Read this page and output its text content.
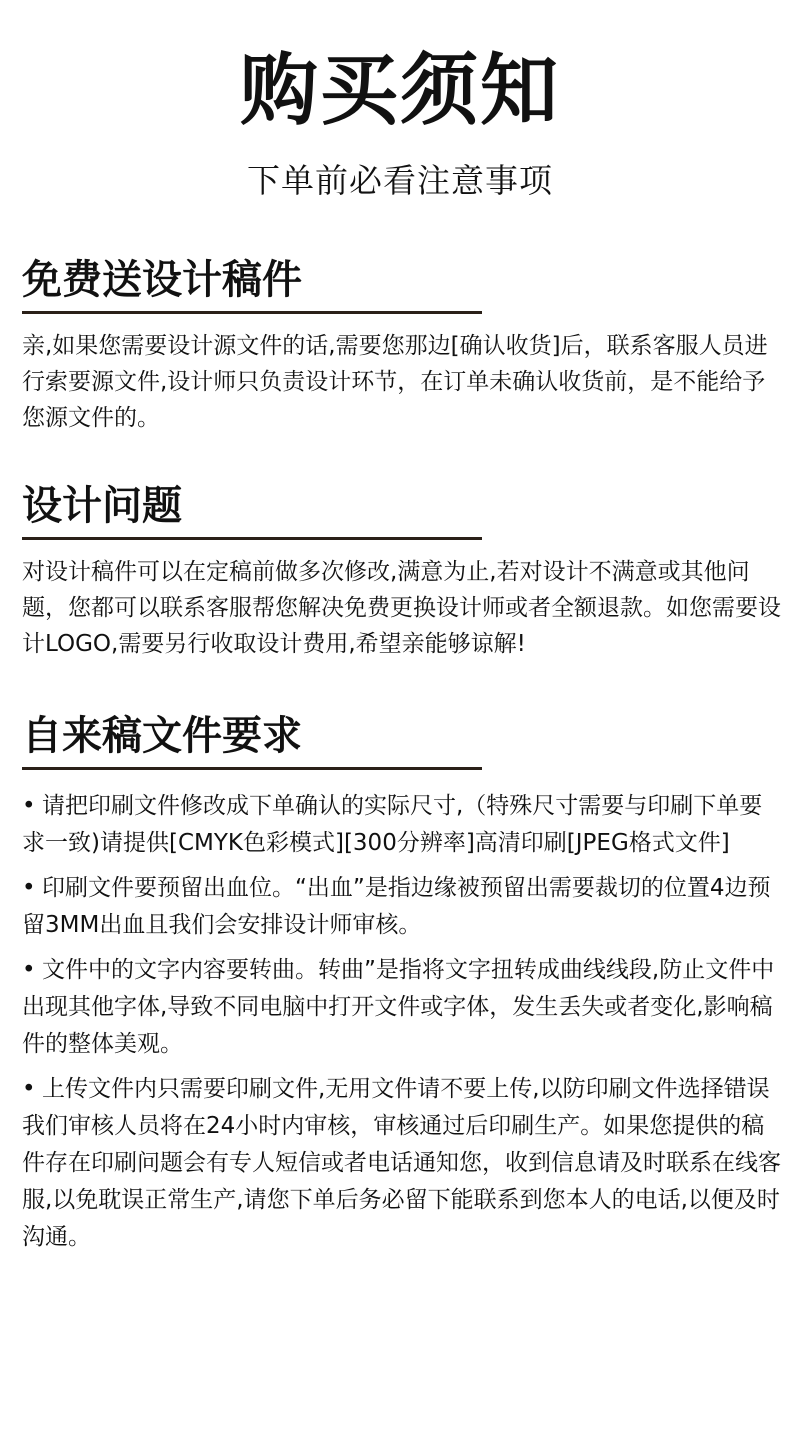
购买须知
下单前必看注意事项
免费送设计稿件
亲,如果您需要设计源文件的话,需要您那边[确认收货]后，联系客服人员进行索要源文件,设计师只负责设计环节，在订单未确认收货前，是不能给予您源文件的。
设计问题
对设计稿件可以在定稿前做多次修改,满意为止,若对设计不满意或其他问题，您都可以联系客服帮您解决免费更换设计师或者全额退款。如您需要设计LOGO,需要另行收取设计费用,希望亲能够谅解!
自来稿文件要求
• 请把印刷文件修改成下单确认的实际尺寸,（特殊尺寸需要与印刷下单要求一致)请提供[CMYK色彩模式][300分辨率]高清印刷[JPEG格式文件]
• 印刷文件要预留出血位。“出血”是指边缘被预留出需要裁切的位置4边预留3MM出血且我们会安排设计师审核。
• 文件中的文字内容要转曲。转曲”是指将文字扭转成曲线线段,防止文件中出现其他字体,导致不同电脑中打开文件或字体，发生丢失或者变化,影响稿件的整体美观。
• 上传文件内只需要印刷文件,无用文件请不要上传,以防印刷文件选择错误我们审核人员将在24小时内审核，审核通过后印刷生产。如果您提供的稿件存在印刷问题会有专人短信或者电话通知您，收到信息请及时联系在线客服,以免耽误正常生产,请您下单后务必留下能联系到您本人的电话,以便及时沟通。
